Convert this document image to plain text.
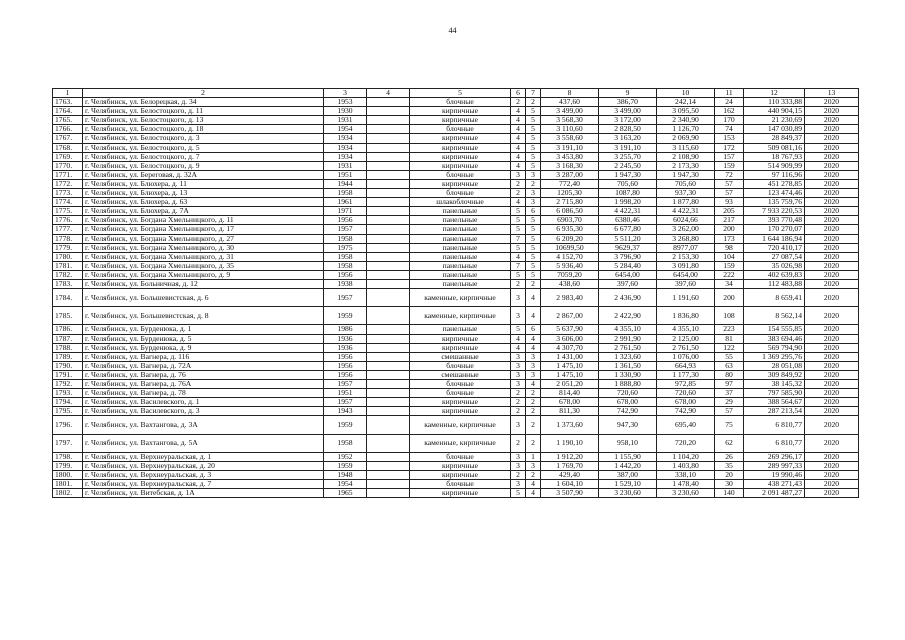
44
1	2	3	4	5	6	7	8	9	10	11	12	13
1763.	г. Челябинск, ул. Белорецкая, д. 34	1953		блочные	2	2	437,60	386,70	242,14	24	110 333,88	2020
1764.	г. Челябинск, ул. Белостоцкого, д. 11	1930		кирпичные	4	5	3 499,00	3 499,00	3 095,50	162	440 904,15	2020
1765.	г. Челябинск, ул. Белостоцкого, д. 13	1931		кирпичные	4	5	3 568,30	3 172,00	2 340,90	170	21 230,69	2020
1766.	г. Челябинск, ул. Белостоцкого, д. 18	1954		блочные	4	5	3 110,60	2 828,50	1 126,70	74	147 030,89	2020
1767.	г. Челябинск, ул. Белостоцкого, д. 3	1934		кирпичные	4	5	3 558,60	3 163,20	2 069,90	153	28 849,37	2020
1768.	г. Челябинск, ул. Белостоцкого, д. 5	1934		кирпичные	4	5	3 191,10	3 191,10	3 115,60	172	509 081,16	2020
1769.	г. Челябинск, ул. Белостоцкого, д. 7	1934		кирпичные	4	5	3 453,80	3 255,70	2 108,90	157	18 767,93	2020
1770.	г. Челябинск, ул. Белостоцкого, д. 9	1931		кирпичные	4	5	3 168,30	2 245,50	2 173,30	159	514 909,99	2020
1771.	г. Челябинск, ул. Береговая, д. 32А	1951		блочные	3	3	3 287,00	1 947,30	1 947,30	72	97 116,96	2020
1772.	г. Челябинск, ул. Блюхера, д. 11	1944		кирпичные	2	2	772,40	705,60	705,60	57	451 278,85	2020
1773.	г. Челябинск, ул. Блюхера, д. 13	1958		блочные	2	3	1205,30	1087,80	937,30	57	123 474,46	2020
1774.	г. Челябинск, ул. Блюхера, д. 63	1961		шлакоблочные	4	3	2 715,80	1 998,20	1 877,80	93	135 759,76	2020
1775.	г. Челябинск, ул. Блюхера, д. 7А	1971		панельные	5	6	6 086,50	4 422,31	4 422,31	205	7 933 220,53	2020
1776.	г. Челябинск, ул. Богдана Хмельницкого, д. 11	1956		панельные	5	5	6903,70	6380,46	6024,66	217	393 770,48	2020
1777.	г. Челябинск, ул. Богдана Хмельницкого, д. 17	1957		панельные	5	5	6 935,30	6 677,80	3 262,00	200	170 270,07	2020
1778.	г. Челябинск, ул. Богдана Хмельницкого, д. 27	1958		панельные	7	5	6 209,20	5 511,20	3 268,80	173	1 644 186,94	2020
1779.	г. Челябинск, ул. Богдана Хмельницкого, д. 30	1975		панельные	5	5	10699,50	9629,37	8977,07	98	720 410,17	2020
1780.	г. Челябинск, ул. Богдана Хмельницкого, д. 31	1958		панельные	4	5	4 152,70	3 796,90	2 153,30	104	27 087,54	2020
1781.	г. Челябинск, ул. Богдана Хмельницкого, д. 35	1958		панельные	7	5	5 936,40	5 284,40	3 091,80	159	35 026,98	2020
1782.	г. Челябинск, ул. Богдана Хмельницкого, д. 9	1956		панельные	5	5	7059,20	6454,00	6454,00	222	402 639,83	2020
1783.	г. Челябинск, ул. Больничная, д. 12	1938		панельные	2	2	438,60	397,60	397,60	34	112 483,88	2020
1784.	г. Челябинск, ул. Большевистская, д. 6	1957		каменные, кирпичные	3	4	2 983,40	2 436,90	1 191,60	200	8 659,41	2020
1785.	г. Челябинск, ул. Большевистская, д. 8	1959		каменные, кирпичные	3	4	2 867,00	2 422,90	1 836,80	108	8 562,14	2020
1786.	г. Челябинск, ул. Бурденюка, д. 1	1986		панельные	5	6	5 637,90	4 355,10	4 355,10	223	154 555,85	2020
1787.	г. Челябинск, ул. Бурденюка, д. 5	1936		кирпичные	4	4	3 606,00	2 991,90	2 125,00	81	383 694,46	2020
1788.	г. Челябинск, ул. Бурденюка, д. 9	1936		кирпичные	4	4	4 307,70	2 761,50	2 761,50	122	569 794,90	2020
1789.	г. Челябинск, ул. Вагнера, д. 116	1956		смешанные	3	3	1 431,00	1 323,60	1 076,00	55	1 369 295,76	2020
1790.	г. Челябинск, ул. Вагнера, д. 72А	1956		блочные	3	3	1 475,10	1 361,50	664,93	63	28 051,08	2020
1791.	г. Челябинск, ул. Вагнера, д. 76	1956		смешанные	3	3	1 475,10	1 330,90	1 177,30	80	309 849,92	2020
1792.	г. Челябинск, ул. Вагнера, д. 76А	1957		блочные	3	4	2 051,20	1 888,80	972,85	97	38 145,32	2020
1793.	г. Челябинск, ул. Вагнера, д. 78	1951		блочные	2	2	814,40	720,60	720,60	37	797 585,90	2020
1794.	г. Челябинск, ул. Василевского, д. 1	1957		кирпичные	2	2	678,00	678,00	678,00	29	388 564,67	2020
1795.	г. Челябинск, ул. Василевского, д. 3	1943		кирпичные	2	2	811,30	742,90	742,90	57	287 213,54	2020
1796.	г. Челябинск, ул. Вахтангова, д. 3А	1959		каменные, кирпичные	3	2	1 373,60	947,30	695,40	75	6 810,77	2020
1797.	г. Челябинск, ул. Вахтангова, д. 5А	1958		каменные, кирпичные	2	2	1 190,10	958,10	720,20	62	6 810,77	2020
1798.	г. Челябинск, ул. Верхнеуральская, д. 1	1952		блочные	3	1	1 912,20	1 155,90	1 104,20	26	269 296,17	2020
1799.	г. Челябинск, ул. Верхнеуральская, д. 20	1959		кирпичные	3	3	1 769,70	1 442,20	1 403,80	35	289 997,33	2020
1800.	г. Челябинск, ул. Верхнеуральская, д. 3	1948		кирпичные	2	2	429,40	387,00	338,10	20	19 990,46	2020
1801.	г. Челябинск, ул. Верхнеуральская, д. 7	1954		блочные	3	4	1 604,10	1 529,10	1 478,40	30	438 271,43	2020
1802.	г. Челябинск, ул. Витебская, д. 1А	1965		кирпичные	5	4	3 507,90	3 230,60	3 230,60	140	2 091 487,27	2020
